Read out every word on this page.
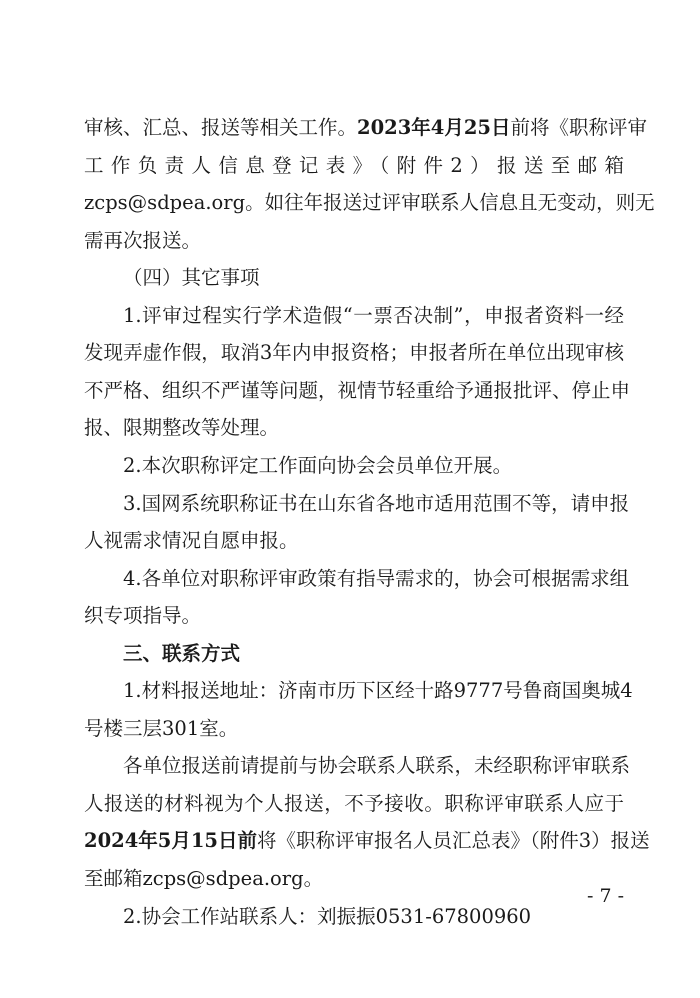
审核、汇总、报送等相关工作。2023年4月25日前将《职称评审
工作负责人信息登记表》（附件2）报送至邮箱
zcps@sdpea.org。如往年报送过评审联系人信息且无变动，则无
需再次报送。
（四）其它事项
1.评审过程实行学术造假“一票否决制”，申报者资料一经
发现弄虚作假，取消3年内申报资格；申报者所在单位出现审核
不严格、组织不严谨等问题，视情节轻重给予通报批评、停止申
报、限期整改等处理。
2.本次职称评定工作面向协会会员单位开展。
3.国网系统职称证书在山东省各地市适用范围不等，请申报
人视需求情况自愿申报。
4.各单位对职称评审政策有指导需求的，协会可根据需求组
织专项指导。
三、联系方式
1.材料报送地址：济南市历下区经十路9777号鲁商国奥城4
号楼三层301室。
各单位报送前请提前与协会联系人联系，未经职称评审联系
人报送的材料视为个人报送，不予接收。职称评审联系人应于
2024年5月15日前将《职称评审报名人员汇总表》（附件3）报送
至邮箱zcps@sdpea.org。
2.协会工作站联系人：刘振振0531-67800960
- 7 -
